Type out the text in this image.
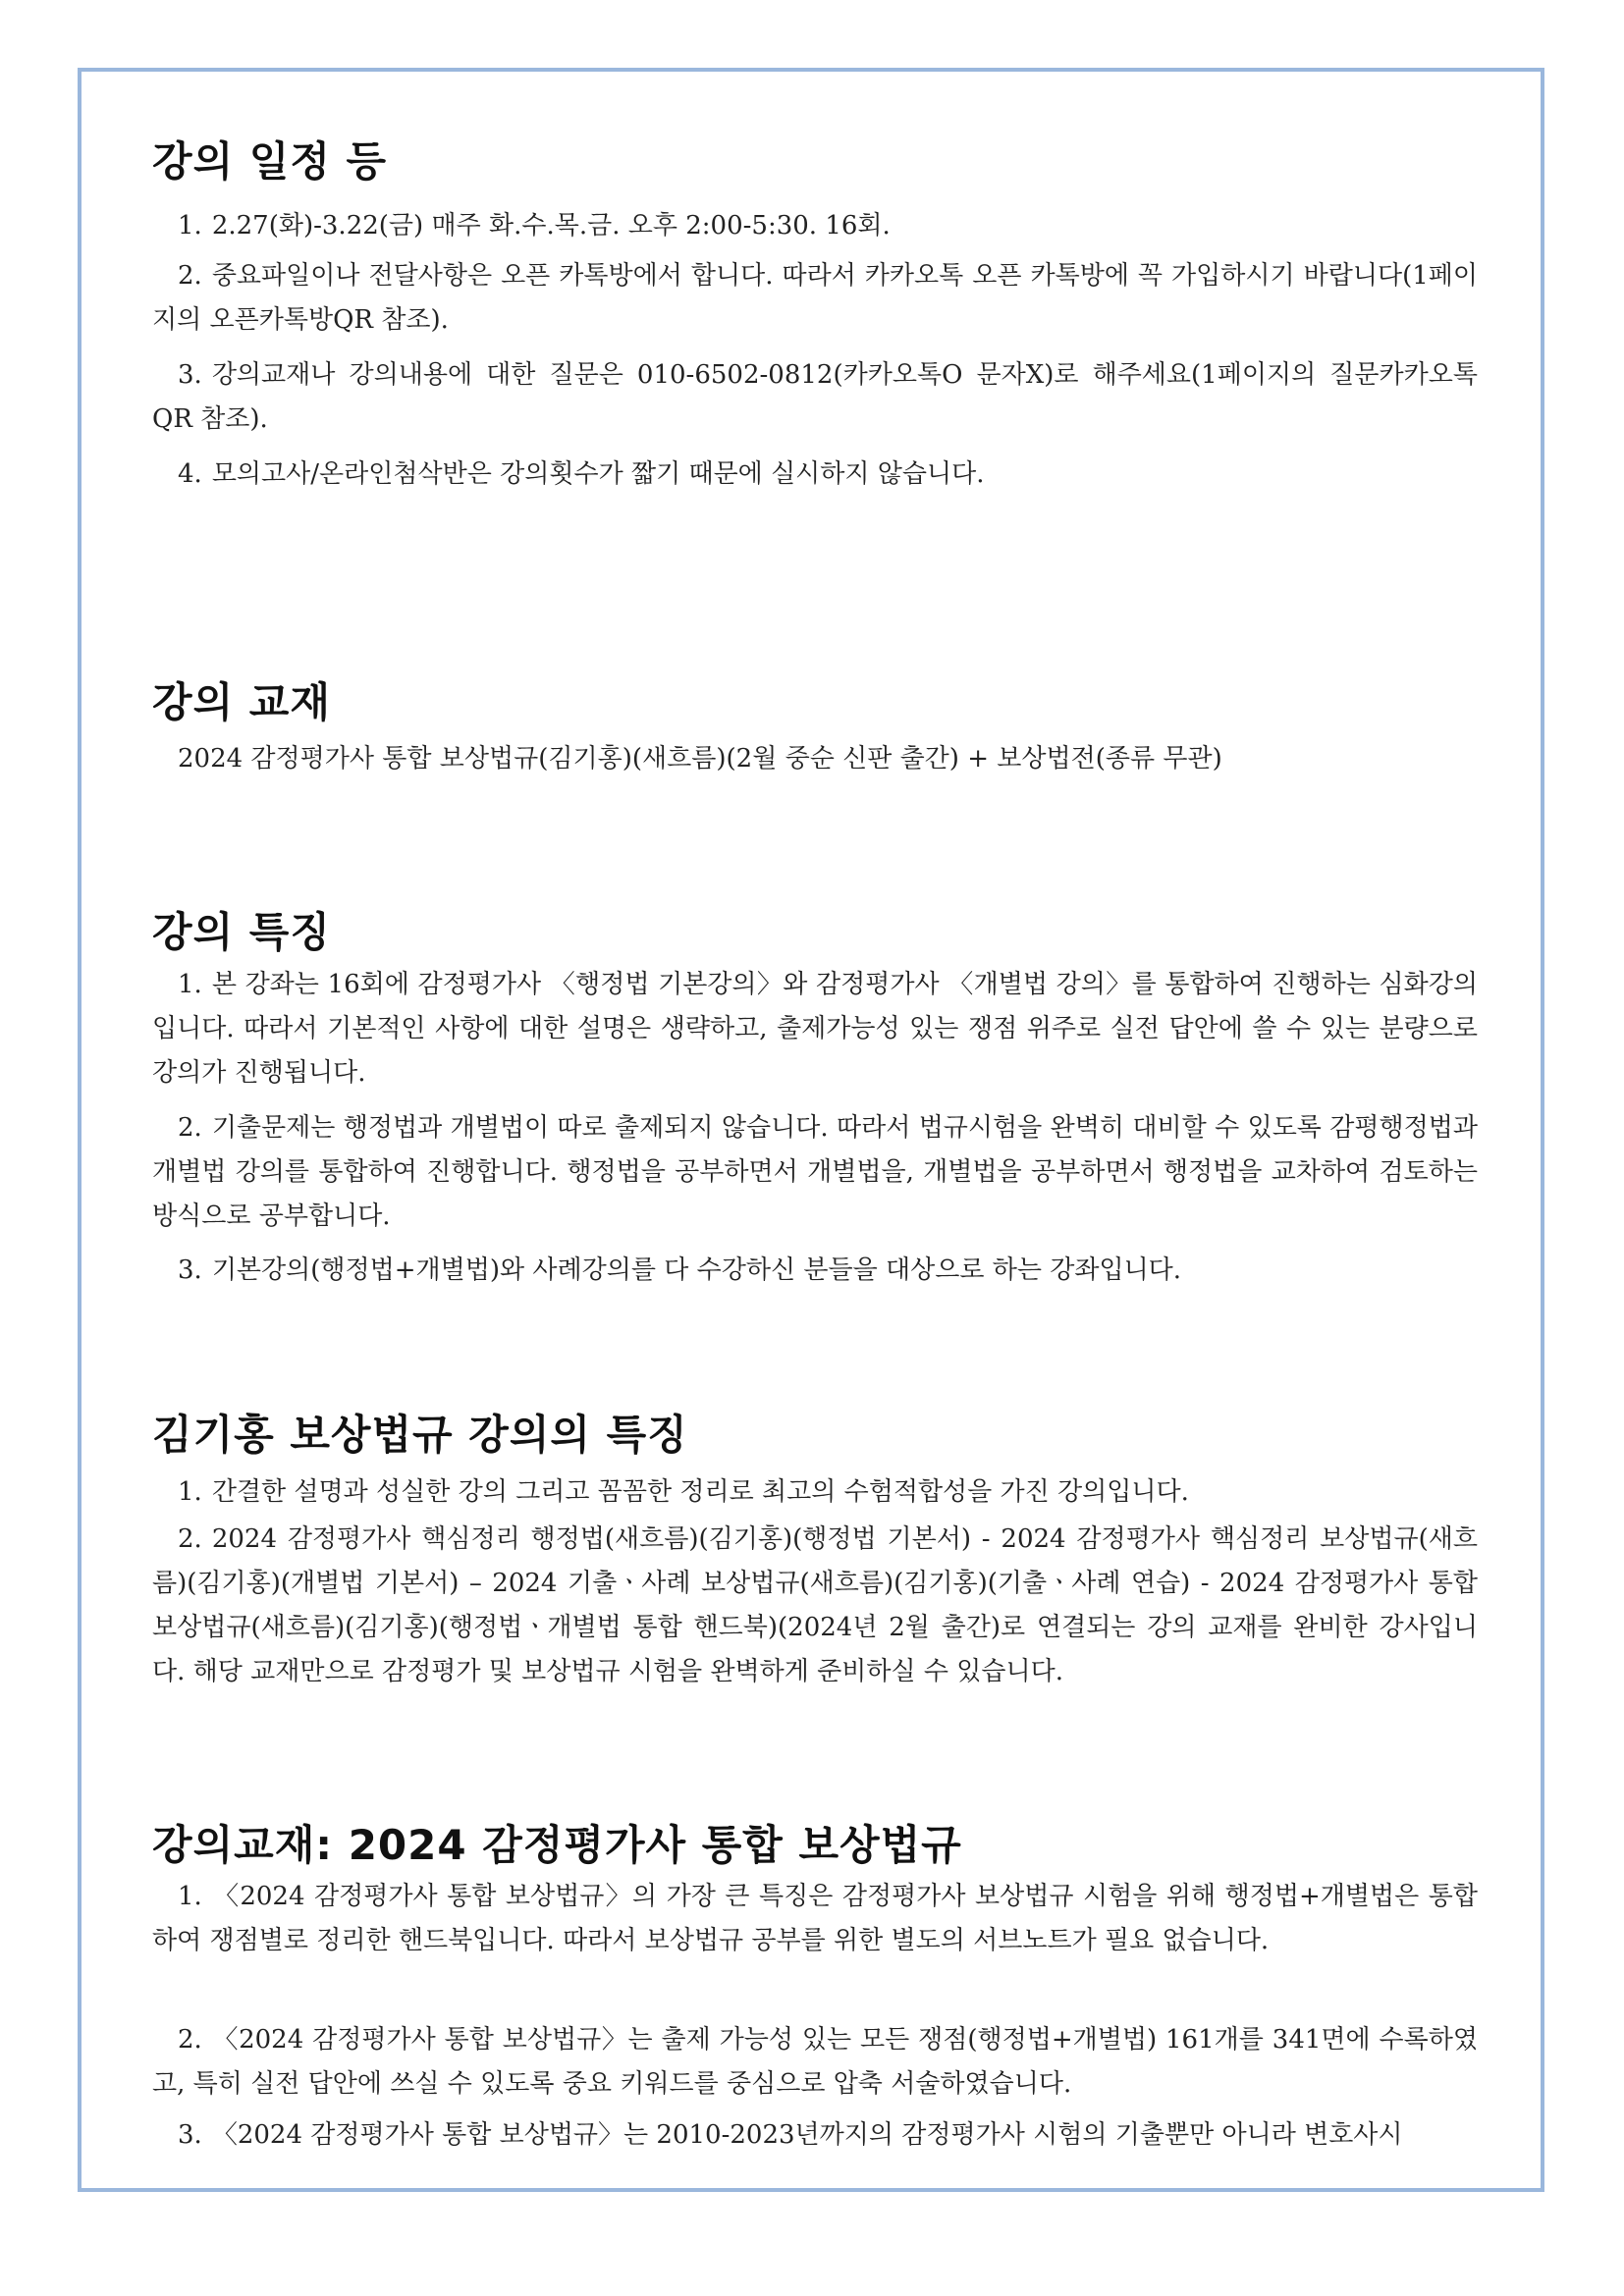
강의 일정 등

1. 2.27(화)-3.22(금) 매주 화.수.목.금. 오후 2:00-5:30. 16회.

2. 중요파일이나 전달사항은 오픈 카톡방에서 합니다. 따라서 카카오톡 오픈 카톡방에 꼭 가입하시기 바랍니다(1페이지의 오픈카톡방QR 참조).

3. 강의교재나 강의내용에 대한 질문은 010-6502-0812(카카오톡O 문자X)로 해주세요(1페이지의 질문카카오톡QR 참조).

4. 모의고사/온라인첨삭반은 강의횟수가 짧기 때문에 실시하지 않습니다.

강의 교재

2024 감정평가사 통합 보상법규(김기홍)(새흐름)(2월 중순 신판 출간) + 보상법전(종류 무관)

강의 특징

1. 본 강좌는 16회에 감정평가사 〈행정법 기본강의〉와 감정평가사 〈개별법 강의〉를 통합하여 진행하는 심화강의입니다. 따라서 기본적인 사항에 대한 설명은 생략하고, 출제가능성 있는 쟁점 위주로 실전 답안에 쓸 수 있는 분량으로 강의가 진행됩니다.

2. 기출문제는 행정법과 개별법이 따로 출제되지 않습니다. 따라서 법규시험을 완벽히 대비할 수 있도록 감평행정법과 개별법 강의를 통합하여 진행합니다. 행정법을 공부하면서 개별법을, 개별법을 공부하면서 행정법을 교차하여 검토하는 방식으로 공부합니다.

3. 기본강의(행정법+개별법)와 사례강의를 다 수강하신 분들을 대상으로 하는 강좌입니다.

김기홍 보상법규 강의의 특징

1. 간결한 설명과 성실한 강의 그리고 꼼꼼한 정리로 최고의 수험적합성을 가진 강의입니다.

2. 2024 감정평가사 핵심정리 행정법(새흐름)(김기홍)(행정법 기본서) - 2024 감정평가사 핵심정리 보상법규(새흐름)(김기홍)(개별법 기본서) – 2024 기출ㆍ사례 보상법규(새흐름)(김기홍)(기출ㆍ사례 연습) - 2024 감정평가사 통합 보상법규(새흐름)(김기홍)(행정법ㆍ개별법 통합 핸드북)(2024년 2월 출간)로 연결되는 강의 교재를 완비한 강사입니다. 해당 교재만으로 감정평가 및 보상법규 시험을 완벽하게 준비하실 수 있습니다.

강의교재: 2024 감정평가사 통합 보상법규

1. 〈2024 감정평가사 통합 보상법규〉의 가장 큰 특징은 감정평가사 보상법규 시험을 위해 행정법+개별법은 통합하여 쟁점별로 정리한 핸드북입니다. 따라서 보상법규 공부를 위한 별도의 서브노트가 필요 없습니다.

2. 〈2024 감정평가사 통합 보상법규〉는 출제 가능성 있는 모든 쟁점(행정법+개별법) 161개를 341면에 수록하였고, 특히 실전 답안에 쓰실 수 있도록 중요 키워드를 중심으로 압축 서술하였습니다.

3. 〈2024 감정평가사 통합 보상법규〉는 2010-2023년까지의 감정평가사 시험의 기출뿐만 아니라 변호사시
